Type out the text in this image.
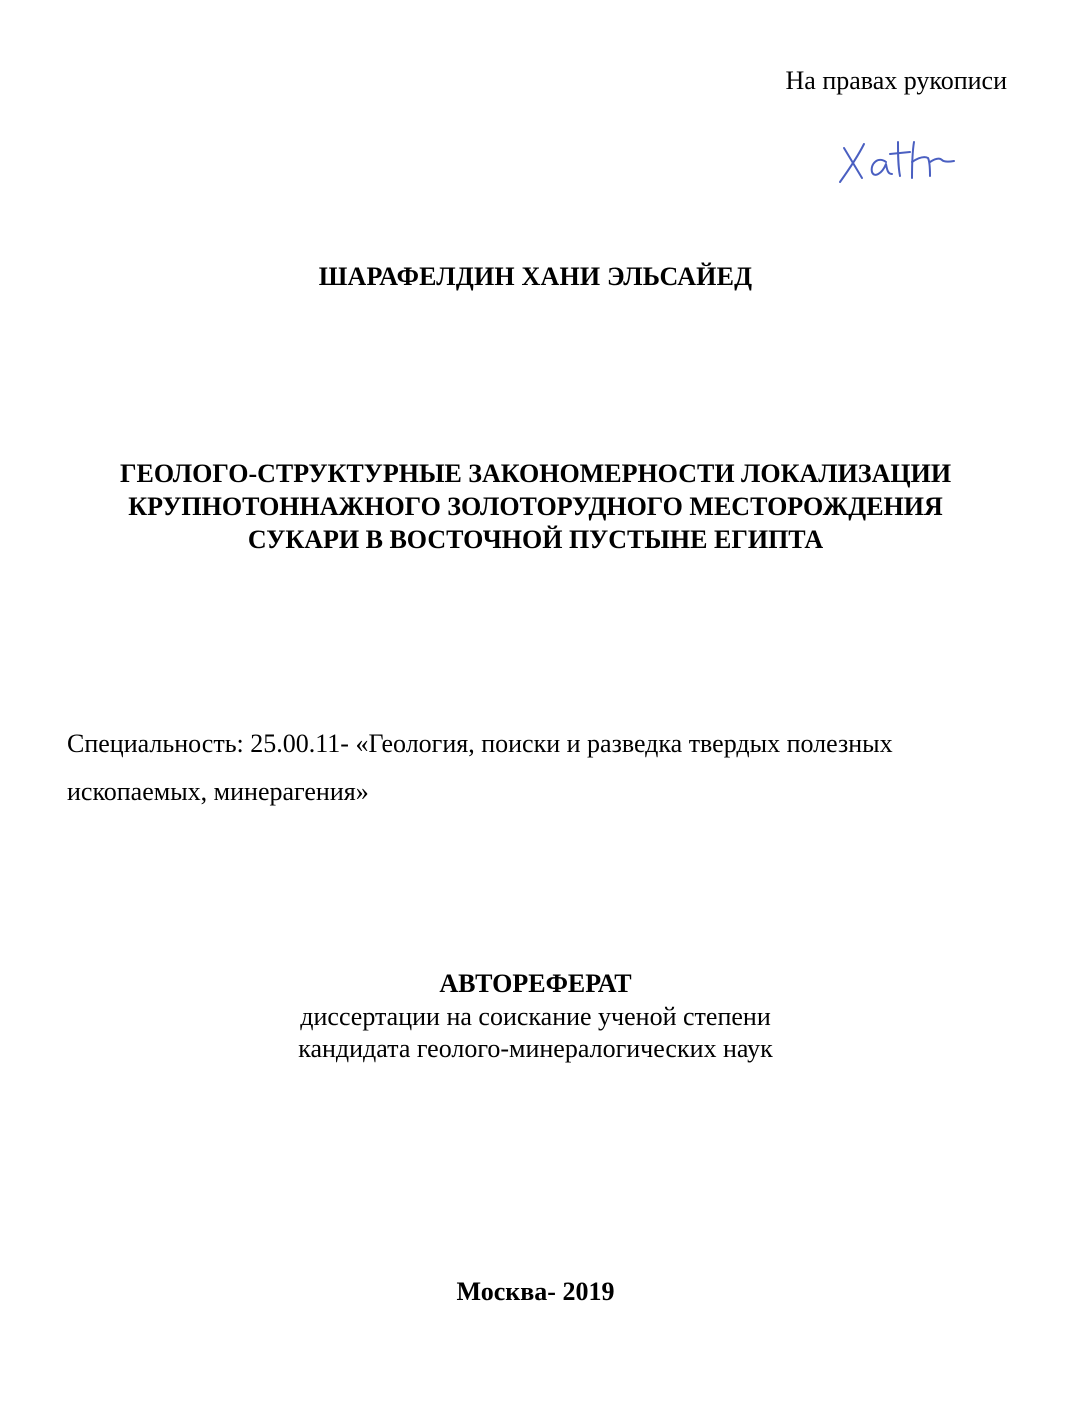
На правах рукописи

ШАРАФЕЛДИН ХАНИ ЭЛЬСАЙЕД

ГЕОЛОГО-СТРУКТУРНЫЕ ЗАКОНОМЕРНОСТИ ЛОКАЛИЗАЦИИ
КРУПНОТОННАЖНОГО ЗОЛОТОРУДНОГО МЕСТОРОЖДЕНИЯ
СУКАРИ В ВОСТОЧНОЙ ПУСТЫНЕ ЕГИПТА
Специальность: 25.00.11- «Геология, поиски и разведка твердых полезных
ископаемых, минерагения»
АВТОРЕФЕРАТ
диссертации на соискание ученой степени
кандидата геолого-минералогических наук

Москва- 2019
